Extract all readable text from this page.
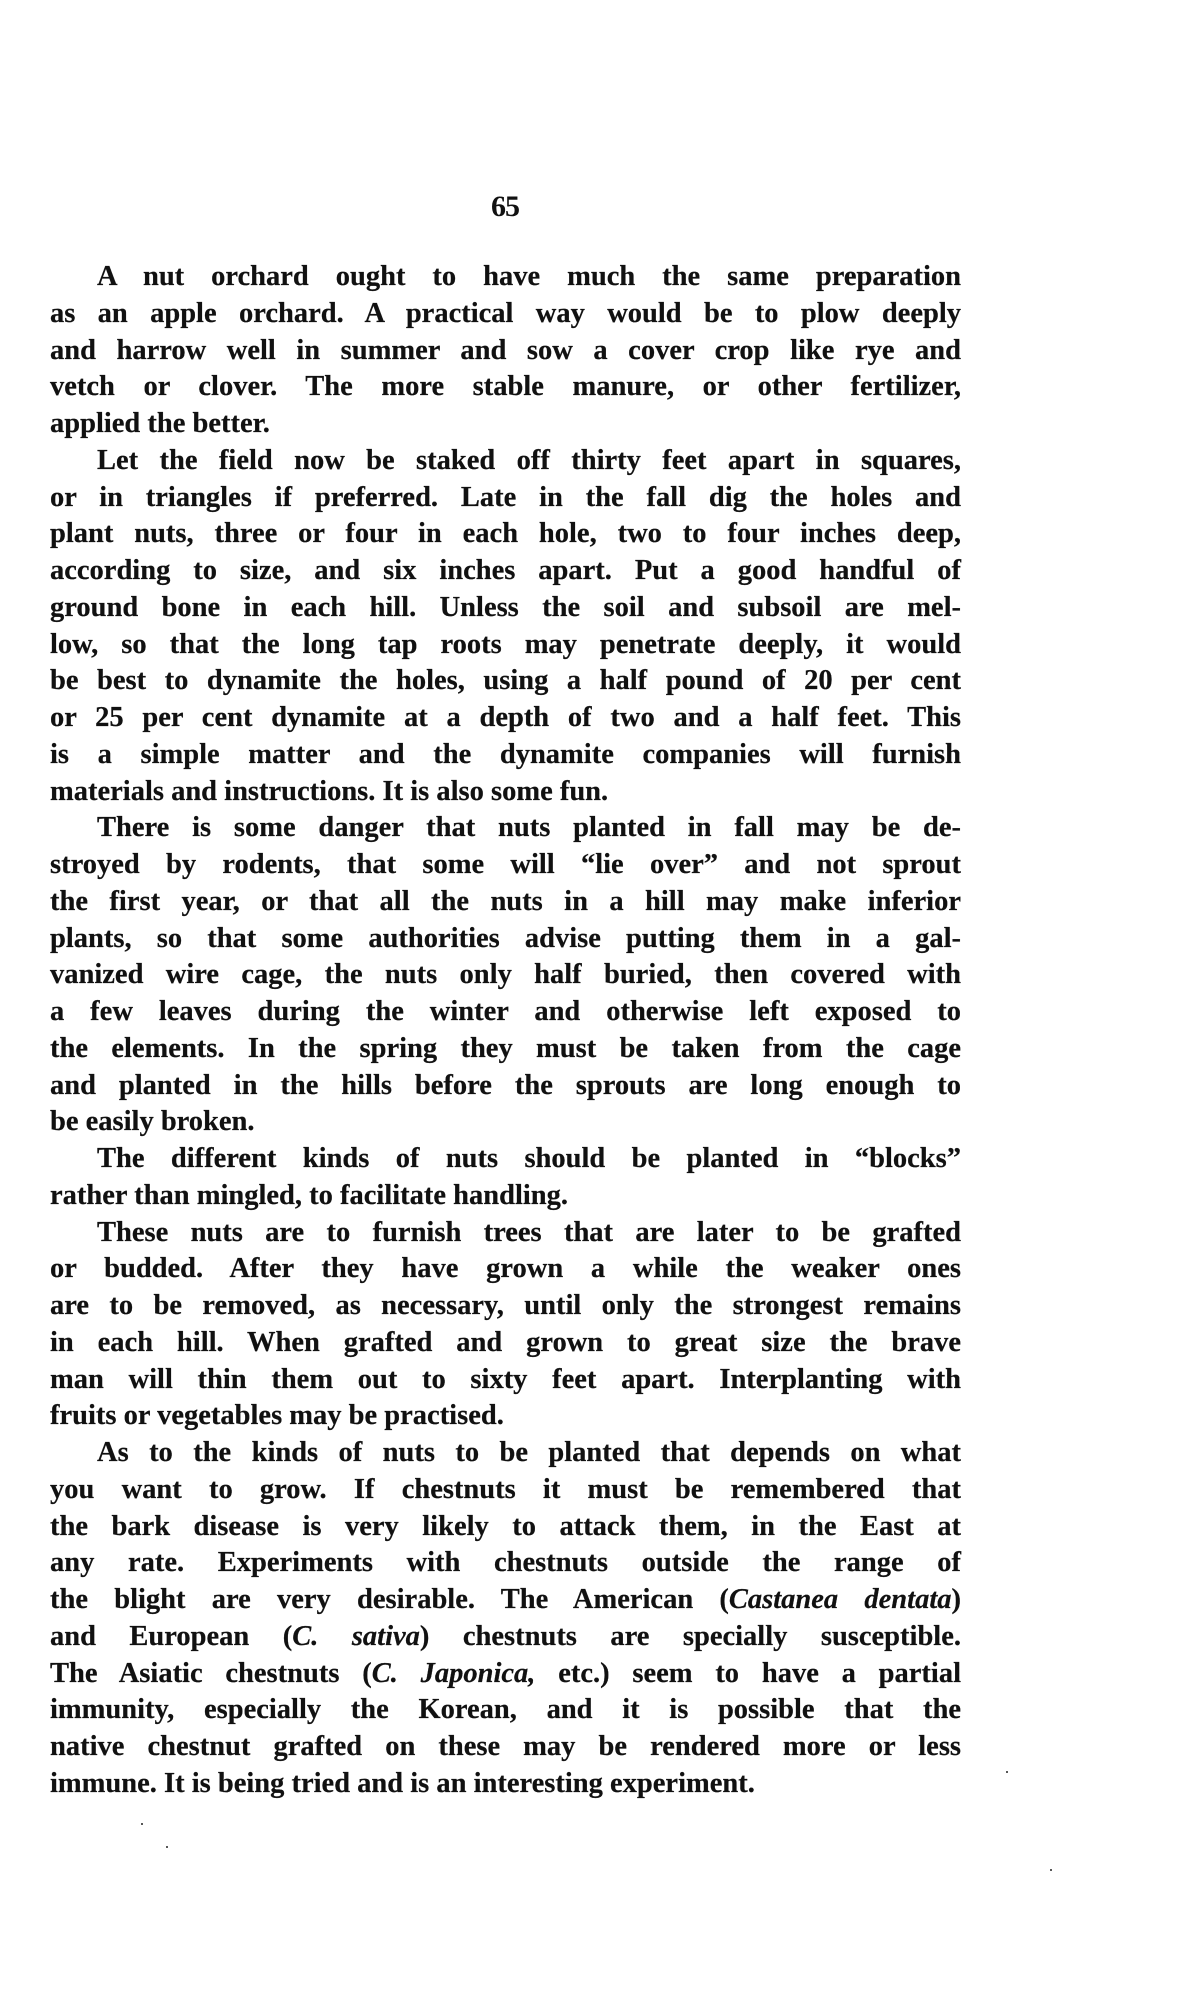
65
A nut orchard ought to have much the same preparation
as an apple orchard. A practical way would be to plow deeply
and harrow well in summer and sow a cover crop like rye and
vetch or clover. The more stable manure, or other fertilizer,
applied the better.
Let the field now be staked off thirty feet apart in squares,
or in triangles if preferred. Late in the fall dig the holes and
plant nuts, three or four in each hole, two to four inches deep,
according to size, and six inches apart. Put a good handful of
ground bone in each hill. Unless the soil and subsoil are mel-
low, so that the long tap roots may penetrate deeply, it would
be best to dynamite the holes, using a half pound of 20 per cent
or 25 per cent dynamite at a depth of two and a half feet. This
is a simple matter and the dynamite companies will furnish
materials and instructions. It is also some fun.
There is some danger that nuts planted in fall may be de-
stroyed by rodents, that some will “lie over” and not sprout
the first year, or that all the nuts in a hill may make inferior
plants, so that some authorities advise putting them in a gal-
vanized wire cage, the nuts only half buried, then covered with
a few leaves during the winter and otherwise left exposed to
the elements. In the spring they must be taken from the cage
and planted in the hills before the sprouts are long enough to
be easily broken.
The different kinds of nuts should be planted in “blocks”
rather than mingled, to facilitate handling.
These nuts are to furnish trees that are later to be grafted
or budded. After they have grown a while the weaker ones
are to be removed, as necessary, until only the strongest remains
in each hill. When grafted and grown to great size the brave
man will thin them out to sixty feet apart. Interplanting with
fruits or vegetables may be practised.
As to the kinds of nuts to be planted that depends on what
you want to grow. If chestnuts it must be remembered that
the bark disease is very likely to attack them, in the East at
any rate. Experiments with chestnuts outside the range of
the blight are very desirable. The American (Castanea dentata)
and European (C. sativa) chestnuts are specially susceptible.
The Asiatic chestnuts (C. Japonica, etc.) seem to have a partial
immunity, especially the Korean, and it is possible that the
native chestnut grafted on these may be rendered more or less
immune. It is being tried and is an interesting experiment.
